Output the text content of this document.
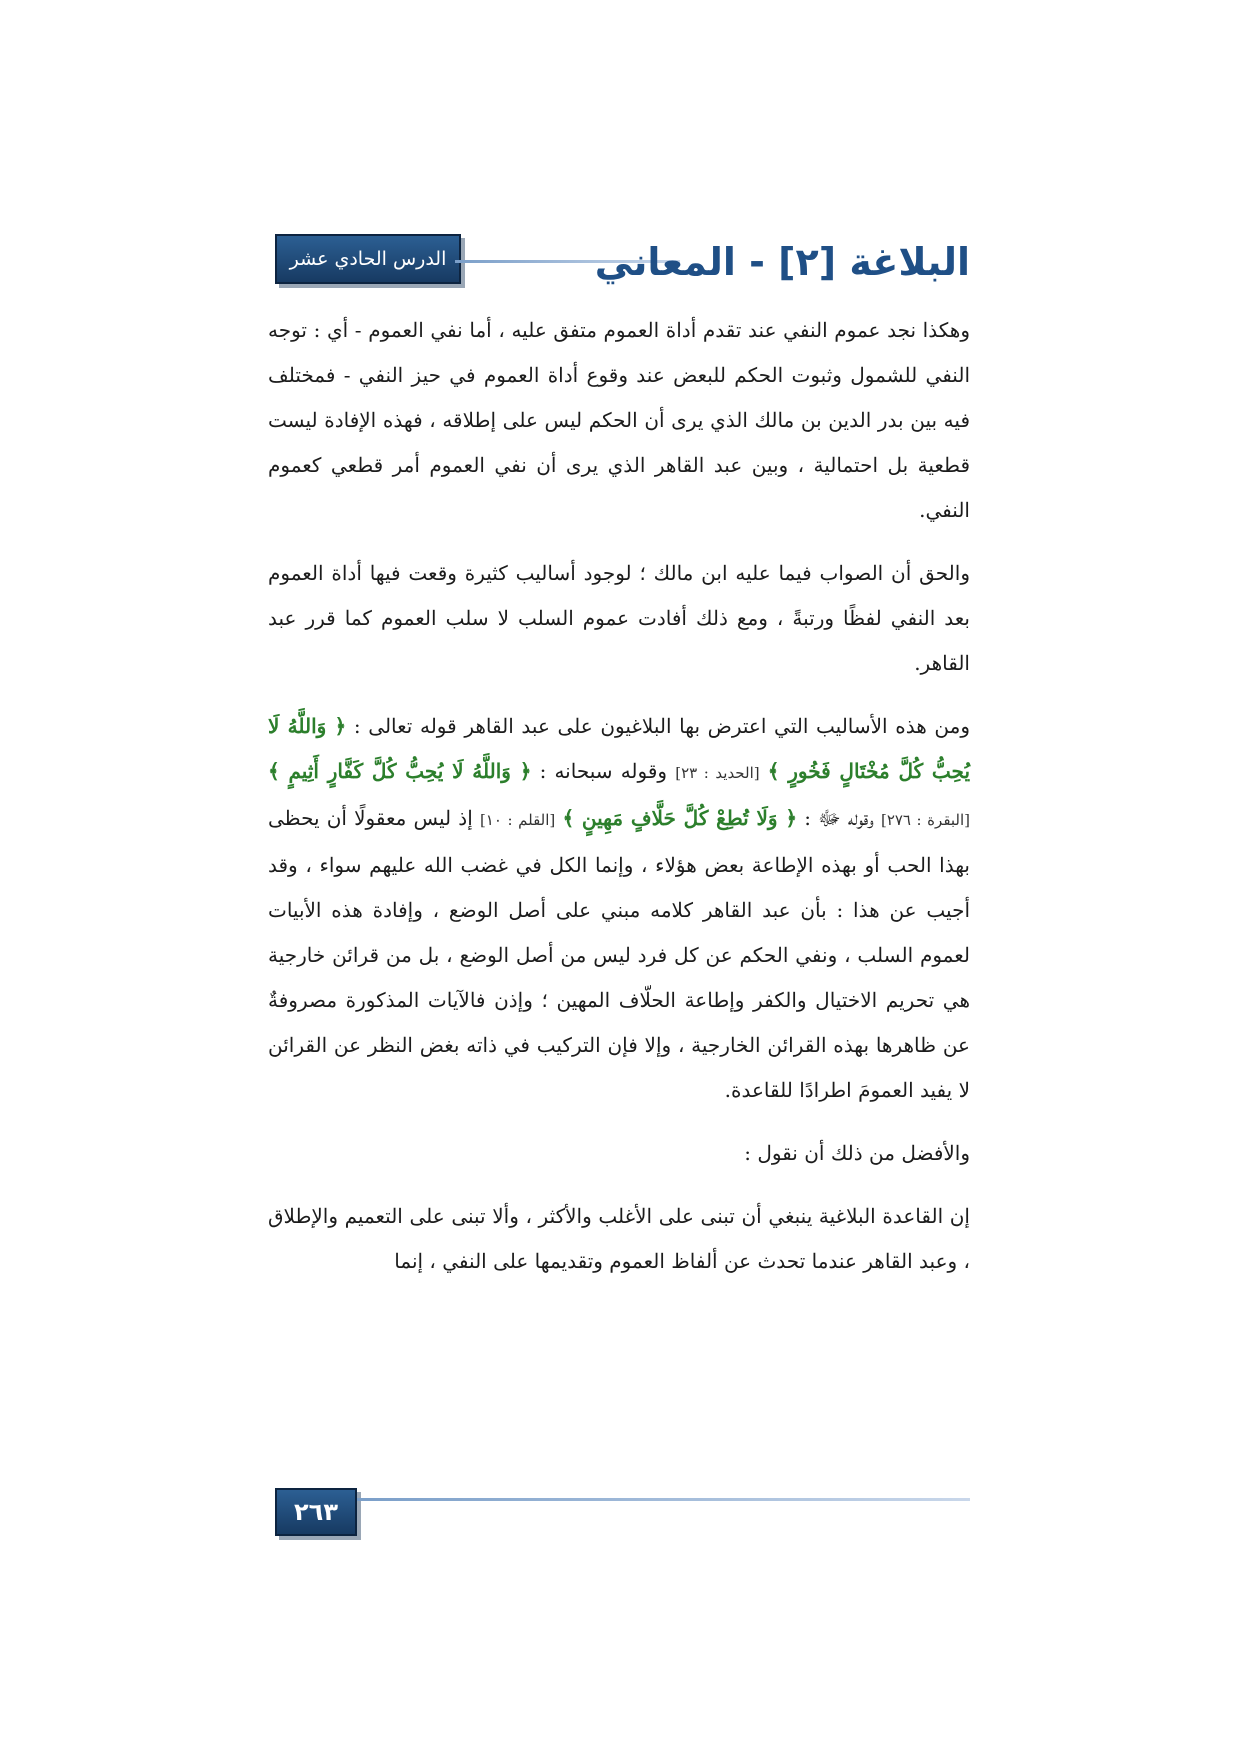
الدرس الحادي عشر	البلاغة [٢] - المعاني

وهكذا نجد عموم النفي عند تقدم أداة العموم متفق عليه ، أما نفي العموم - أي : توجه النفي للشمول وثبوت الحكم للبعض عند وقوع أداة العموم في حيز النفي - فمختلف فيه بين بدر الدين بن مالك الذي يرى أن الحكم ليس على إطلاقه ، فهذه الإفادة ليست قطعية بل احتمالية ، وبين عبد القاهر الذي يرى أن نفي العموم أمر قطعي كعموم النفي.

والحق أن الصواب فيما عليه ابن مالك ؛ لوجود أساليب كثيرة وقعت فيها أداة العموم بعد النفي لفظًا ورتبةً ، ومع ذلك أفادت عموم السلب لا سلب العموم كما قرر عبد القاهر.

ومن هذه الأساليب التي اعترض بها البلاغيون على عبد القاهر قوله تعالى : ﴿ وَاللَّهُ لَا يُحِبُّ كُلَّ مُخْتَالٍ فَخُورٍ ﴾ [الحديد : ٢٣] وقوله سبحانه : ﴿ وَاللَّهُ لَا يُحِبُّ كُلَّ كَفَّارٍ أَثِيمٍ ﴾ [البقرة : ٢٧٦] وقوله ﷻ : ﴿ وَلَا تُطِعْ كُلَّ حَلَّافٍ مَهِينٍ ﴾ [القلم : ١٠] إذ ليس معقولًا أن يحظى بهذا الحب أو بهذه الإطاعة بعض هؤلاء ، وإنما الكل في غضب الله عليهم سواء ، وقد أجيب عن هذا : بأن عبد القاهر كلامه مبني على أصل الوضع ، وإفادة هذه الأبيات لعموم السلب ، ونفي الحكم عن كل فرد ليس من أصل الوضع ، بل من قرائن خارجية هي تحريم الاختيال والكفر وإطاعة الحلّاف المهين ؛ وإذن فالآيات المذكورة مصروفةٌ عن ظاهرها بهذه القرائن الخارجية ، وإلا فإن التركيب في ذاته بغض النظر عن القرائن لا يفيد العمومَ اطرادًا للقاعدة.

والأفضل من ذلك أن نقول :

إن القاعدة البلاغية ينبغي أن تبنى على الأغلب والأكثر ، وألا تبنى على التعميم والإطلاق ، وعبد القاهر عندما تحدث عن ألفاظ العموم وتقديمها على النفي ، إنما

٢٦٣
